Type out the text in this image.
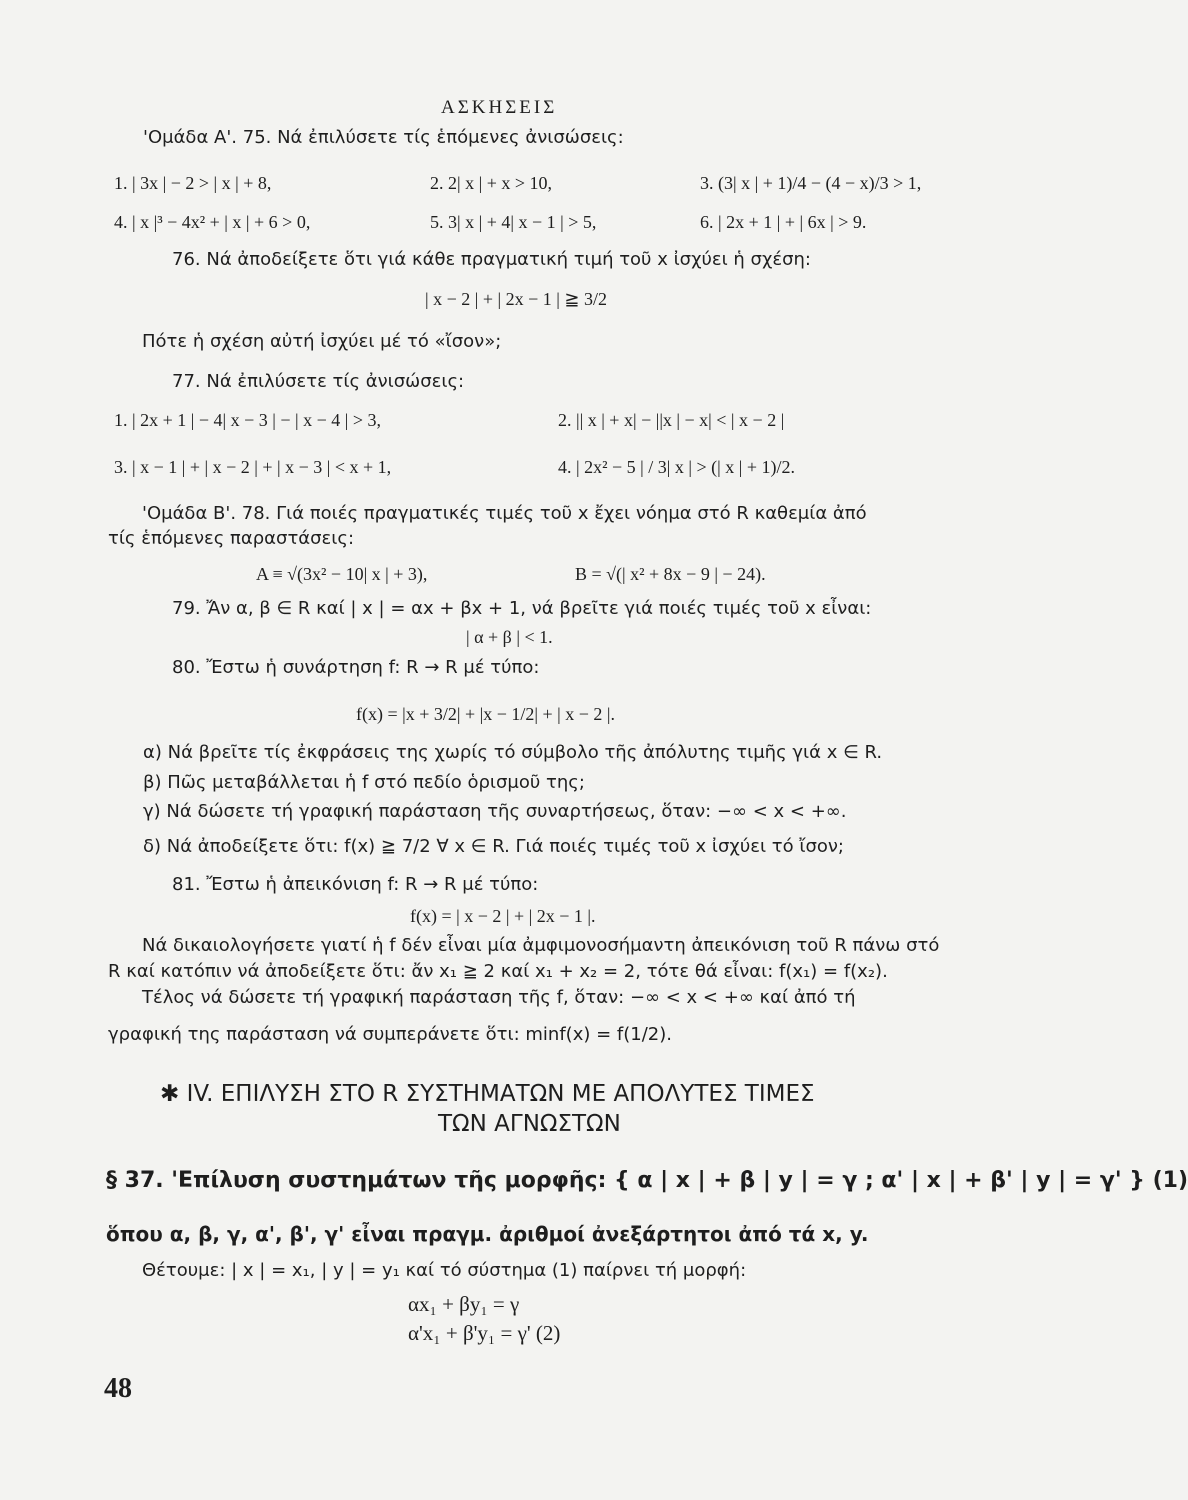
ΑΣΚΗΣΕΙΣ
'Ομάδα Α'. 75. Νά ἐπιλύσετε τίς ἑπόμενες ἀνισώσεις:
1. | 3x | − 2 > | x | + 8,	2. 2| x | + x > 10,	3. (3| x | + 1)/4 − (4 − x)/3 > 1,
4. | x |³ − 4x² + | x | + 6 > 0,	5. 3| x | + 4| x − 1 | > 5,	6. | 2x + 1 | + | 6x | > 9.
76. Νά ἀποδείξετε ὅτι γιά κάθε πραγματική τιμή τοῦ x ἰσχύει ἡ σχέση:
| x − 2 | + | 2x − 1 | ≧ 3/2
Πότε ἡ σχέση αὐτή ἰσχύει μέ τό «ἴσον»;
77. Νά ἐπιλύσετε τίς ἀνισώσεις:
1. | 2x + 1 | − 4| x − 3 | − | x − 4 | > 3,	2. || x | + x| − ||x | − x| < | x − 2 |
3. | x − 1 | + | x − 2 | + | x − 3 | < x + 1,	4. | 2x² − 5 | / 3| x | > (| x | + 1)/2.
'Ομάδα Β'. 78. Γιά ποιές πραγματικές τιμές τοῦ x ἔχει νόημα στό R καθεμία ἀπό
τίς ἑπόμενες παραστάσεις:
Α ≡ √(3x² − 10| x | + 3),	Β = √(| x² + 8x − 9 | − 24).
79. Ἄν α, β ∈ R καί | x | = αx + βx + 1, νά βρεῖτε γιά ποιές τιμές τοῦ x εἶναι:
| α + β | < 1.
80. Ἔστω ἡ συνάρτηση f: R → R μέ τύπο:
f(x) = |x + 3/2| + |x − 1/2| + | x − 2 |.
α) Νά βρεῖτε τίς ἐκφράσεις της χωρίς τό σύμβολο τῆς ἀπόλυτης τιμῆς γιά x ∈ R.
β) Πῶς μεταβάλλεται ἡ f στό πεδίο ὁρισμοῦ της;
γ) Νά δώσετε τή γραφική παράσταση τῆς συναρτήσεως, ὅταν: −∞ < x < +∞.
δ) Νά ἀποδείξετε ὅτι: f(x) ≧ 7/2 ∀ x ∈ R. Γιά ποιές τιμές τοῦ x ἰσχύει τό ἴσον;
81. Ἔστω ἡ ἀπεικόνιση f: R → R μέ τύπο:
f(x) = | x − 2 | + | 2x − 1 |.
Νά δικαιολογήσετε γιατί ἡ f δέν εἶναι μία ἀμφιμονοσήμαντη ἀπεικόνιση τοῦ R πάνω στό
R καί κατόπιν νά ἀποδείξετε ὅτι: ἄν x₁ ≧ 2 καί x₁ + x₂ = 2, τότε θά εἶναι: f(x₁) = f(x₂).
Τέλος νά δώσετε τή γραφική παράσταση τῆς f, ὅταν: −∞ < x < +∞ καί ἀπό τή
γραφική της παράσταση νά συμπεράνετε ὅτι: minf(x) = f(1/2).
✱ IV. ΕΠΙΛΥΣΗ ΣΤΟ R ΣΥΣΤΗΜΑΤΩΝ ΜΕ ΑΠΟΛΥΤΕΣ ΤΙΜΕΣ
ΤΩΝ ΑΓΝΩΣΤΩΝ
§ 37. 'Επίλυση συστημάτων τῆς μορφῆς: { α | x | + β | y | = γ ; α' | x | + β' | y | = γ' } (1)
ὅπου α, β, γ, α', β', γ' εἶναι πραγμ. ἀριθμοί ἀνεξάρτητοι ἀπό τά x, y.
Θέτουμε: | x | = x₁, | y | = y₁ καί τό σύστημα (1) παίρνει τή μορφή:
αx₁ + βy₁ = γ
α'x₁ + β'y₁ = γ' (2)
48
